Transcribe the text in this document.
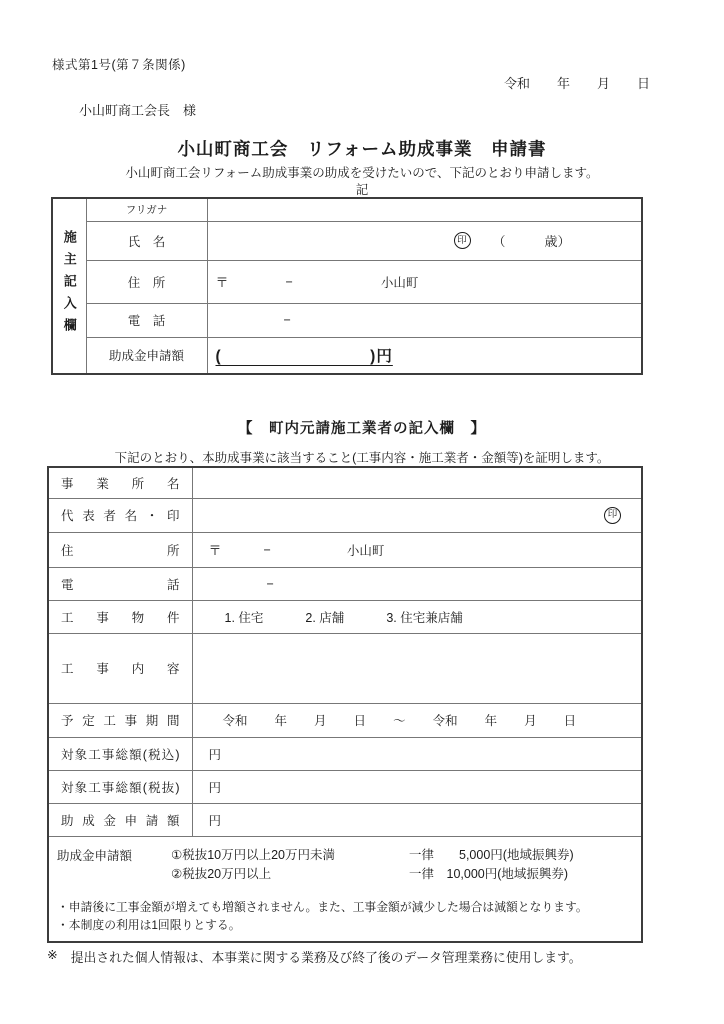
様式第1号(第７条関係)
令和 年 月 日
小山町商工会長　様
小山町商工会　リフォーム助成事業　申請書
小山町商工会リフォーム助成事業の助成を受けたいので、下記のとおり申請します。
記
施主記入欄	フリガナ	
	氏　名	印 （　　　歳）

	住　所	〒 − 小山町

	電　話	−

	助成金申請額	(　　　　　　　　　)円
【　町内元請施工業者の記入欄　】
下記のとおり、本助成事業に該当すること(工事内容・施工業者・金額等)を証明します。
事 業 所 名	
代 表 者 名 ・ 印	印
住 所	〒 − 小山町

電 話	−

工 事 物 件	1. 住宅 2. 店舗 3. 住宅兼店舗

工 事 内 容	
予 定 工 事 期 間	令和 年 月 日 ～ 令和 年 月 日

対象工事総額(税込)	円
対象工事総額(税抜)	円
助 成 金 申 請 額	円

助成金申請額	①税抜10万円以上20万円未満	一律　　5,000円(地域振興券)
②税抜20万円以上	一律　10,000円(地域振興券)
・申請後に工事金額が増えても増額されません。また、工事金額が減少した場合は減額となります。
・本制度の利用は1回限りとする。
※ 提出された個人情報は、本事業に関する業務及び終了後のデータ管理業務に使用します。
